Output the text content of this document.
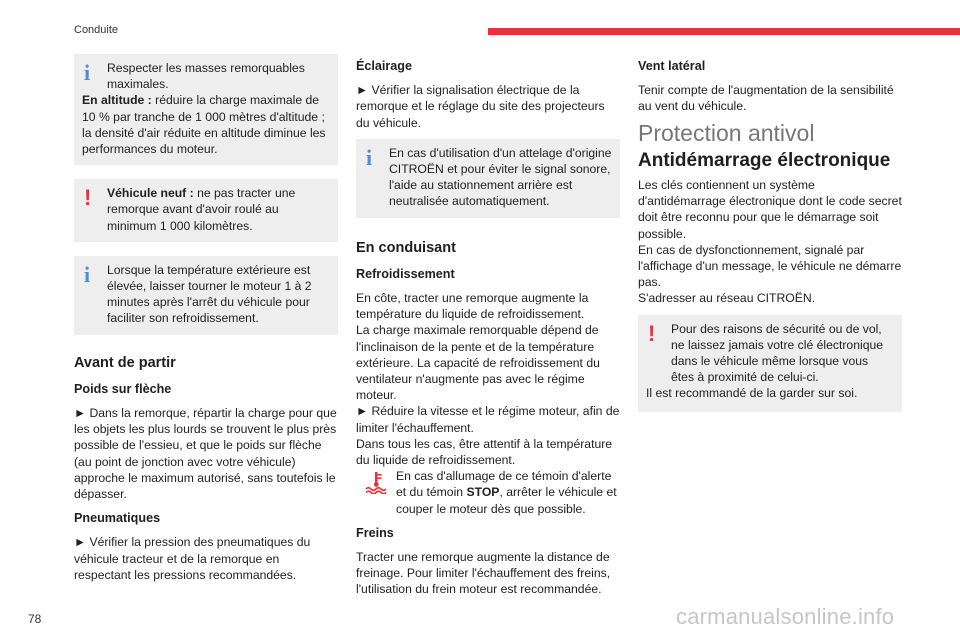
Conduite
i	Respecter les masses remorquables maximales.

En altitude : réduire la charge maximale de 10 % par tranche de 1 000 mètres d'altitude ; la densité d'air réduite en altitude diminue les performances du moteur.

!	Véhicule neuf : ne pas tracter une remorque avant d'avoir roulé au minimum 1 000 kilomètres.

i	Lorsque la température extérieure est élevée, laisser tourner le moteur 1 à 2 minutes après l'arrêt du véhicule pour faciliter son refroidissement.

Avant de partir
Poids sur flèche

► Dans la remorque, répartir la charge pour que les objets les plus lourds se trouvent le plus près possible de l'essieu, et que le poids sur flèche (au point de jonction avec votre véhicule) approche le maximum autorisé, sans toutefois le dépasser.

Pneumatiques

► Vérifier la pression des pneumatiques du véhicule tracteur et de la remorque en respectant les pressions recommandées.

Éclairage

► Vérifier la signalisation électrique de la remorque et le réglage du site des projecteurs du véhicule.

i	En cas d'utilisation d'un attelage d'origine CITROËN et pour éviter le signal sonore, l'aide au stationnement arrière est neutralisée automatiquement.

En conduisant
Refroidissement

En côte, tracter une remorque augmente la température du liquide de refroidissement.

La charge maximale remorquable dépend de l'inclinaison de la pente et de la température extérieure. La capacité de refroidissement du ventilateur n'augmente pas avec le régime moteur.

► Réduire la vitesse et le régime moteur, afin de limiter l'échauffement.

Dans tous les cas, être attentif à la température du liquide de refroidissement.

En cas d'allumage de ce témoin d'alerte et du témoin STOP, arrêter le véhicule et couper le moteur dès que possible.
Freins

Tracter une remorque augmente la distance de freinage. Pour limiter l'échauffement des freins, l'utilisation du frein moteur est recommandée.

Vent latéral

Tenir compte de l'augmentation de la sensibilité au vent du véhicule.

Protection antivol
Antidémarrage électronique

Les clés contiennent un système d'antidémarrage électronique dont le code secret doit être reconnu pour que le démarrage soit possible.

En cas de dysfonctionnement, signalé par l'affichage d'un message, le véhicule ne démarre pas.

S'adresser au réseau CITROËN.

!	Pour des raisons de sécurité ou de vol, ne laissez jamais votre clé électronique dans le véhicule même lorsque vous êtes à proximité de celui-ci.

Il est recommandé de la garder sur soi.

78	carmanualsonline.info
